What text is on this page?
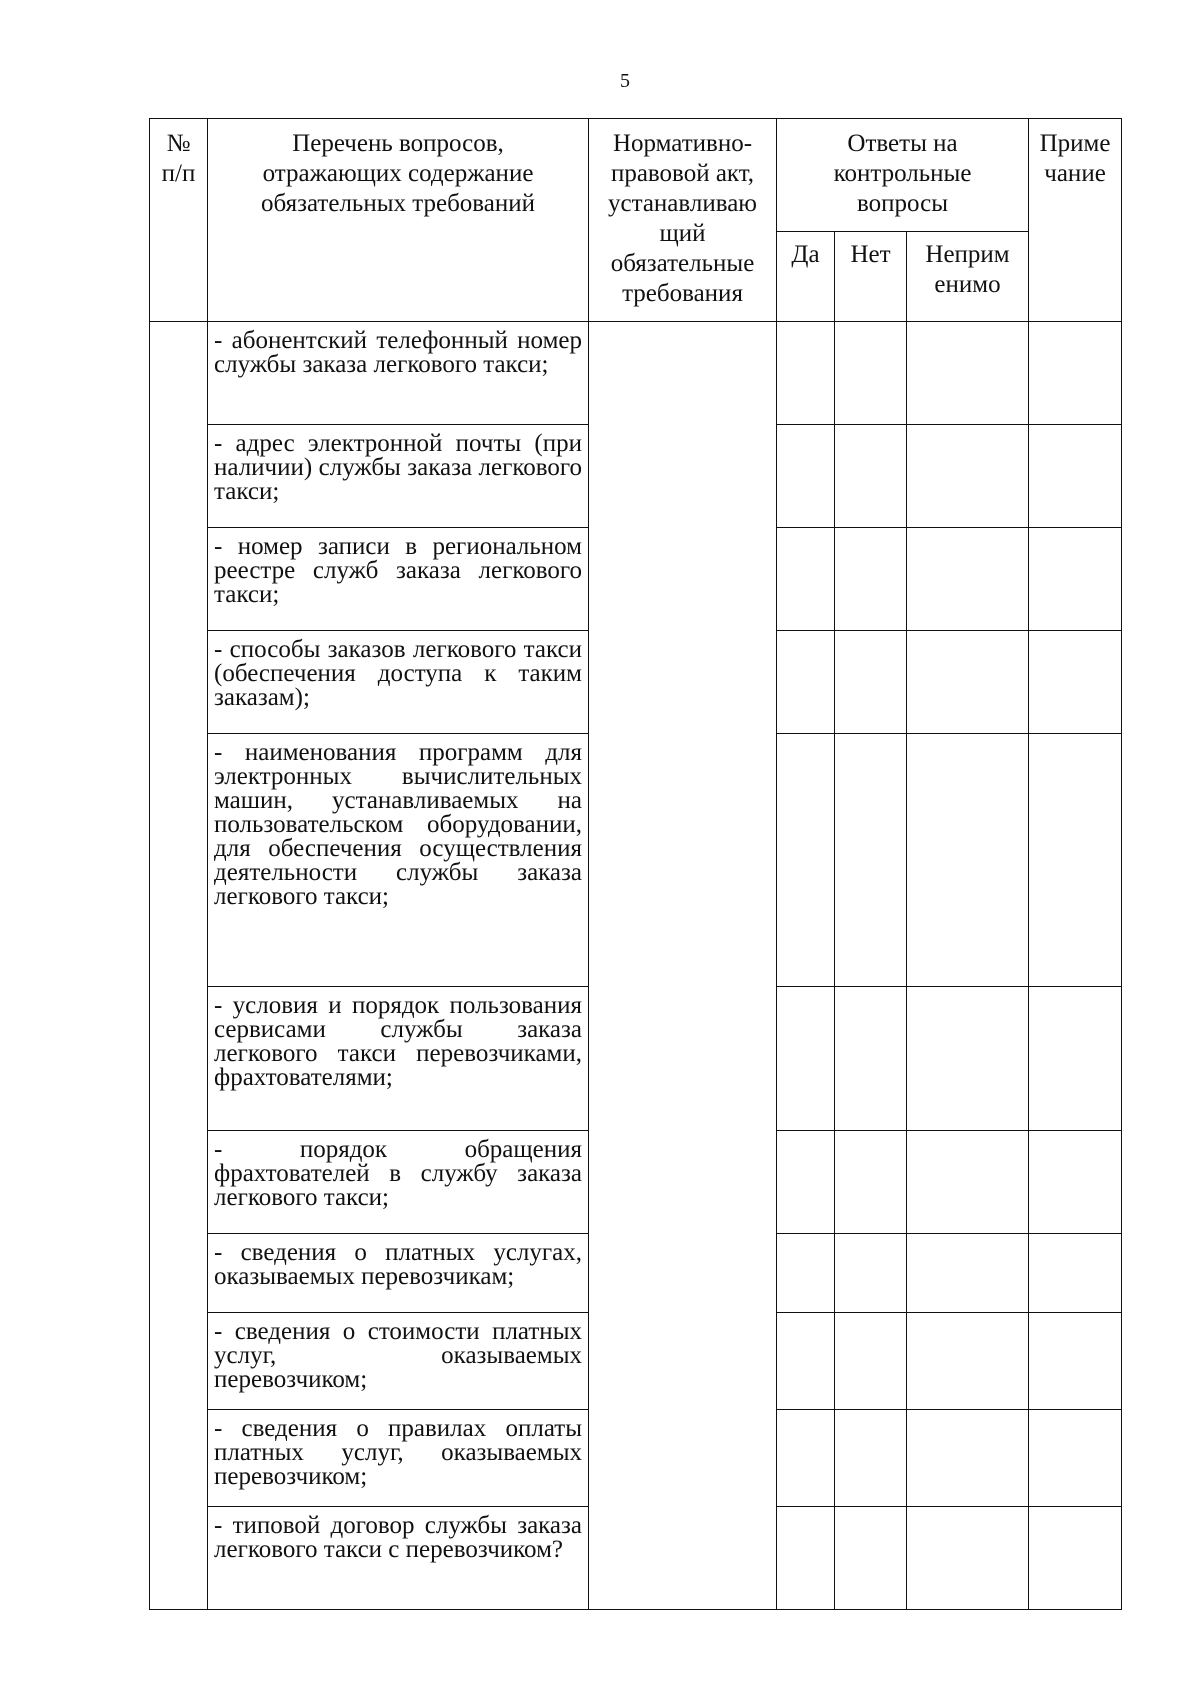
5
№
п/п	Перечень вопросов, отражающих содержание обязательных требований	Нормативно-правовой акт, устанавливаю щий обязательные требования	Ответы на контрольные вопросы			Приме чание
			Да	Нет	Неприм енимо	
	- абонентский телефонный номер службы заказа легкового такси;					
	- адрес электронной почты (при наличии) службы заказа легкового такси;					
	- номер записи в региональном реестре служб заказа легкового такси;					
	- способы заказов легкового такси (обеспечения доступа к таким заказам);					
	- наименования программ для электронных вычислительных машин, устанавливаемых на пользовательском оборудовании, для обеспечения осуществления деятельности службы заказа легкового такси;					
	- условия и порядок пользования сервисами службы заказа легкового такси перевозчиками, фрахтователями;					
	- порядок обращения фрахтователей в службу заказа легкового такси;					
	- сведения о платных услугах, оказываемых перевозчикам;					
	- сведения о стоимости платных услуг, оказываемых перевозчиком;					
	- сведения о правилах оплаты платных услуг, оказываемых перевозчиком;					
	- типовой договор службы заказа легкового такси с перевозчиком?					
